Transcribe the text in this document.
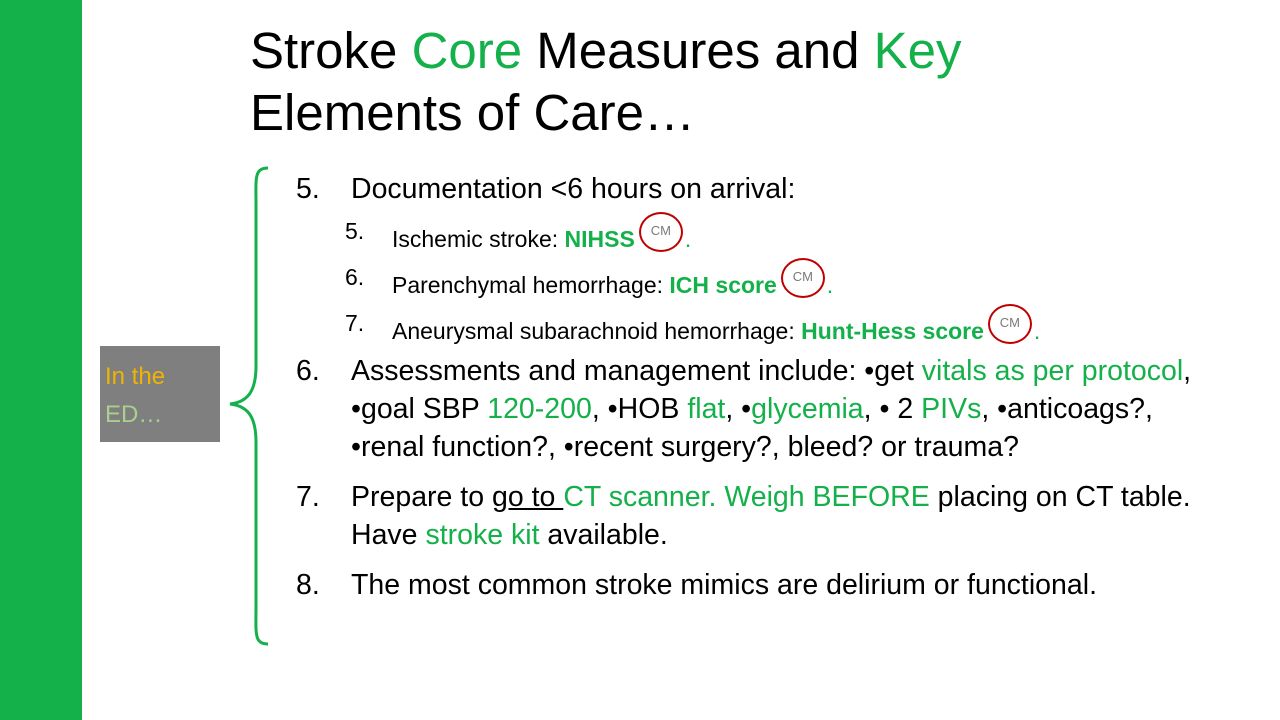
Stroke Core Measures and Key
Elements of Care…
In the
ED…
5.	Documentation <6 hours on arrival:
5.	Ischemic stroke: NIHSS CM .
6.	Parenchymal hemorrhage: ICH score CM .
7.	Aneurysmal subarachnoid hemorrhage: Hunt-Hess score CM .
6.	Assessments and management include: •get vitals as per protocol, •goal SBP 120-200, •HOB flat, •glycemia, • 2 PIVs, •anticoags?, •renal function?, •recent surgery?, bleed? or trauma?
7.	Prepare to go to CT scanner. Weigh BEFORE placing on CT table. Have stroke kit available.
8.	The most common stroke mimics are delirium or functional.
